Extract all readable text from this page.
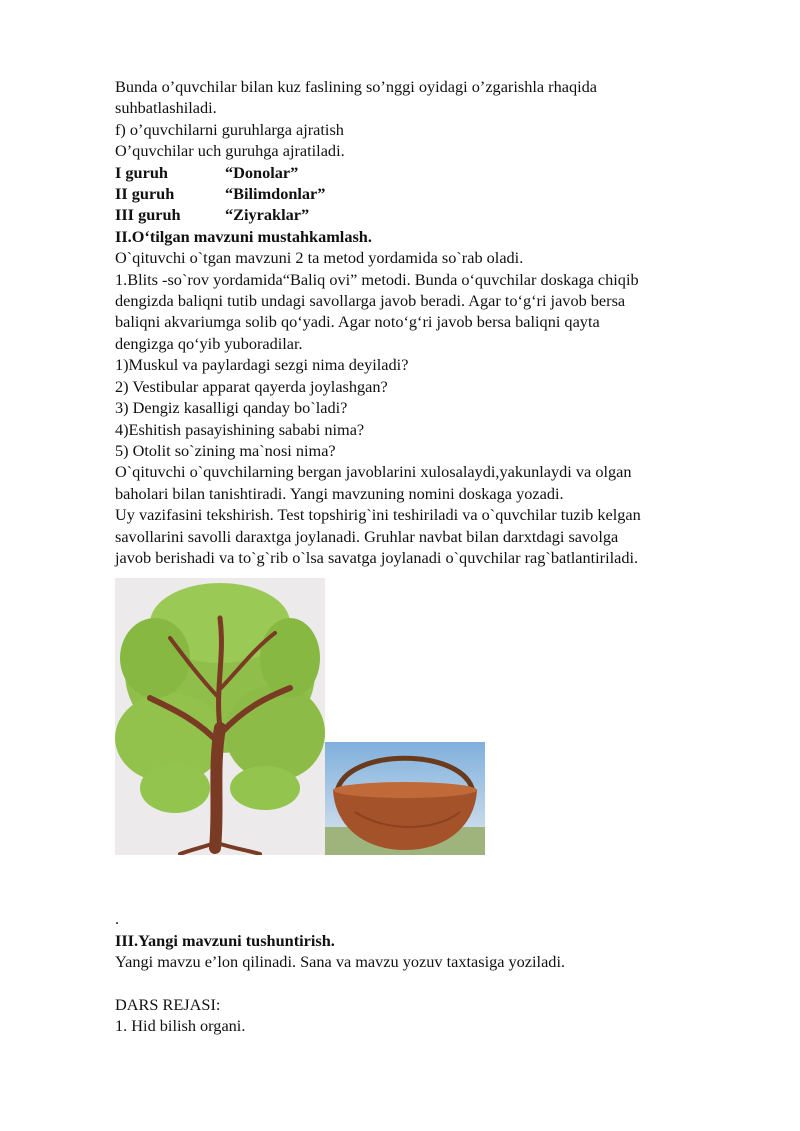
Bunda o’quvchilar bilan kuz faslining so’nggi oyidagi o’zgarishla rhaqida
suhbatlashiladi.
f) o’quvchilarni guruhlarga ajratish
O’quvchilar uch guruhga ajratiladi.
I guruh	“Donolar”
II guruh	“Bilimdonlar”
III guruh	“Ziyraklar”
II.O‘tilgan mavzuni mustahkamlash.
O`qituvchi o`tgan mavzuni 2 ta metod yordamida so`rab oladi.
1.Blits -so`rov yordamida“Baliq ovi” metodi. Bunda o‘quvchilar doskaga chiqib
dengizda baliqni tutib undagi savollarga javob beradi. Agar to‘g‘ri javob bersa
baliqni akvariumga solib qo‘yadi. Agar noto‘g‘ri javob bersa baliqni qayta
dengizga qo‘yib yuboradilar.
1)Muskul va paylardagi sezgi nima deyiladi?
2) Vestibular apparat qayerda joylashgan?
3) Dengiz kasalligi qanday bo`ladi?
4)Eshitish pasayishining sababi nima?
5) Otolit so`zining ma`nosi nima?
O`qituvchi o`quvchilarning bergan javoblarini xulosalaydi,yakunlaydi va olgan
baholari bilan tanishtiradi. Yangi mavzuning nomini doskaga yozadi.
Uy vazifasini tekshirish. Test topshirig`ini teshiriladi va o`quvchilar tuzib kelgan
savollarini savolli daraxtga joylanadi. Gruhlar navbat bilan darxtdagi savolga
javob berishadi va to`g`rib o`lsa savatga joylanadi o`quvchilar rag`batlantiriladi.
.
III.Yangi mavzuni tushuntirish.
Yangi mavzu e’lon qilinadi. Sana va mavzu yozuv taxtasiga yoziladi.
DARS REJASI:
1. Hid bilish organi.
